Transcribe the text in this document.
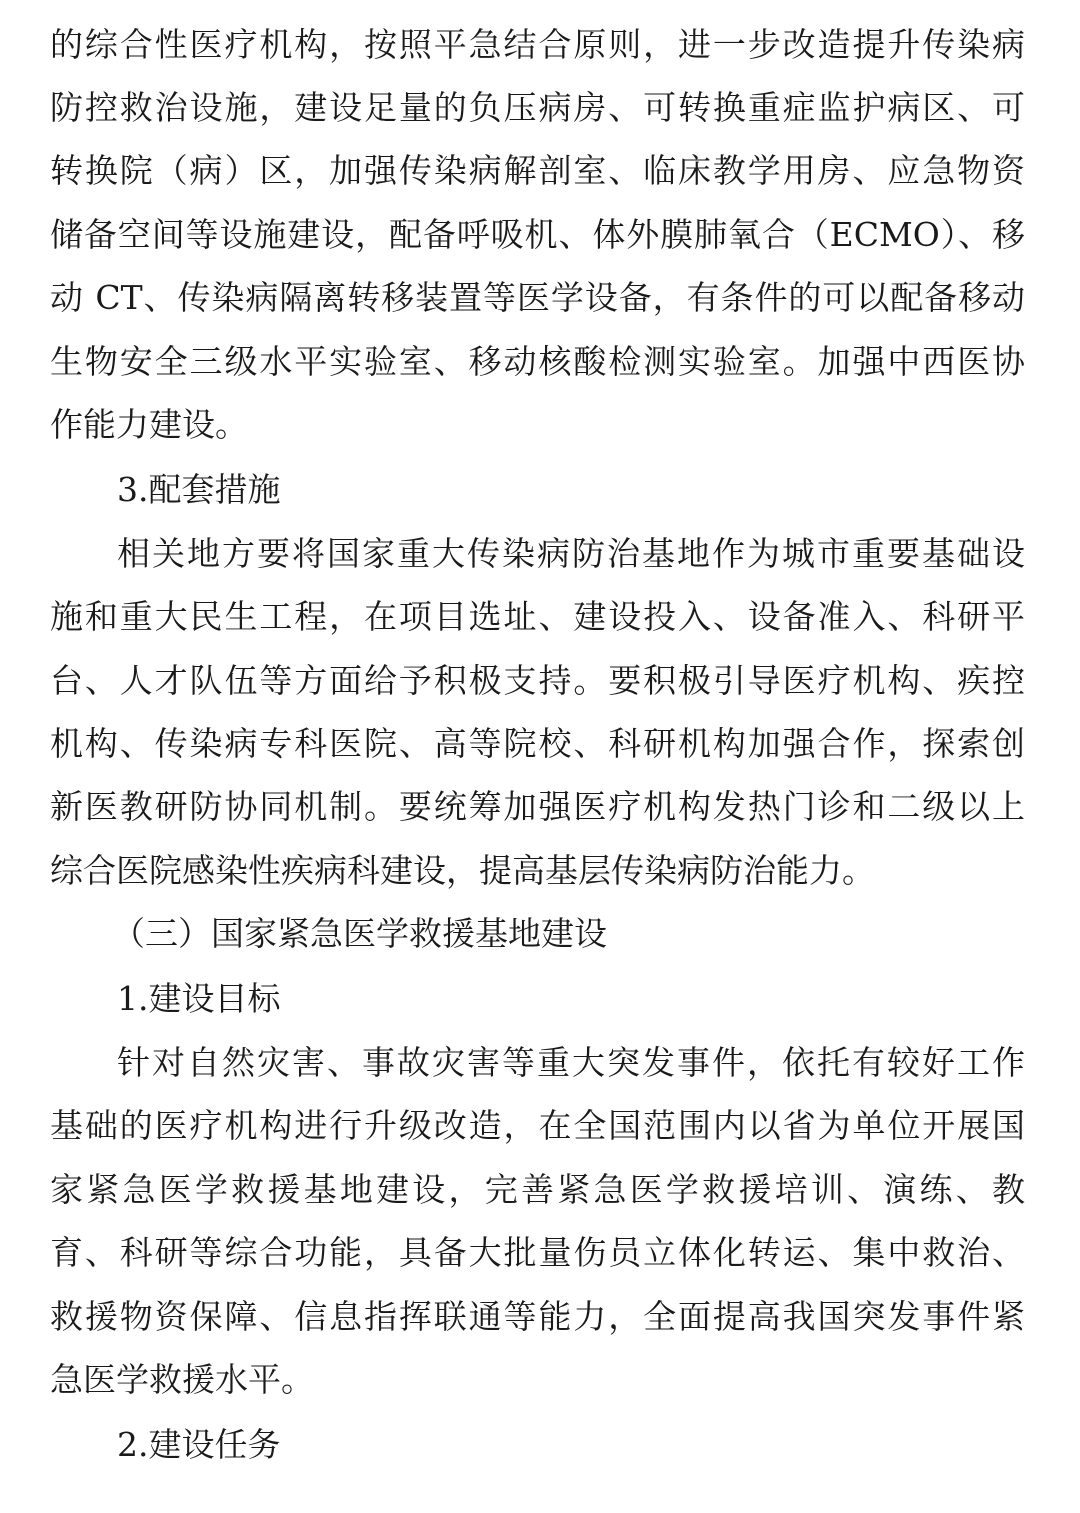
的综合性医疗机构，按照平急结合原则，进一步改造提升传染病
防控救治设施，建设足量的负压病房、可转换重症监护病区、可
转换院（病）区，加强传染病解剖室、临床教学用房、应急物资
储备空间等设施建设，配备呼吸机、体外膜肺氧合（ECMO）、移
动 CT、传染病隔离转移装置等医学设备，有条件的可以配备移动
生物安全三级水平实验室、移动核酸检测实验室。加强中西医协
作能力建设。
3.配套措施
相关地方要将国家重大传染病防治基地作为城市重要基础设
施和重大民生工程，在项目选址、建设投入、设备准入、科研平
台、人才队伍等方面给予积极支持。要积极引导医疗机构、疾控
机构、传染病专科医院、高等院校、科研机构加强合作，探索创
新医教研防协同机制。要统筹加强医疗机构发热门诊和二级以上
综合医院感染性疾病科建设，提高基层传染病防治能力。
（三）国家紧急医学救援基地建设
1.建设目标
针对自然灾害、事故灾害等重大突发事件，依托有较好工作
基础的医疗机构进行升级改造，在全国范围内以省为单位开展国
家紧急医学救援基地建设，完善紧急医学救援培训、演练、教
育、科研等综合功能，具备大批量伤员立体化转运、集中救治、
救援物资保障、信息指挥联通等能力，全面提高我国突发事件紧
急医学救援水平。
2.建设任务
